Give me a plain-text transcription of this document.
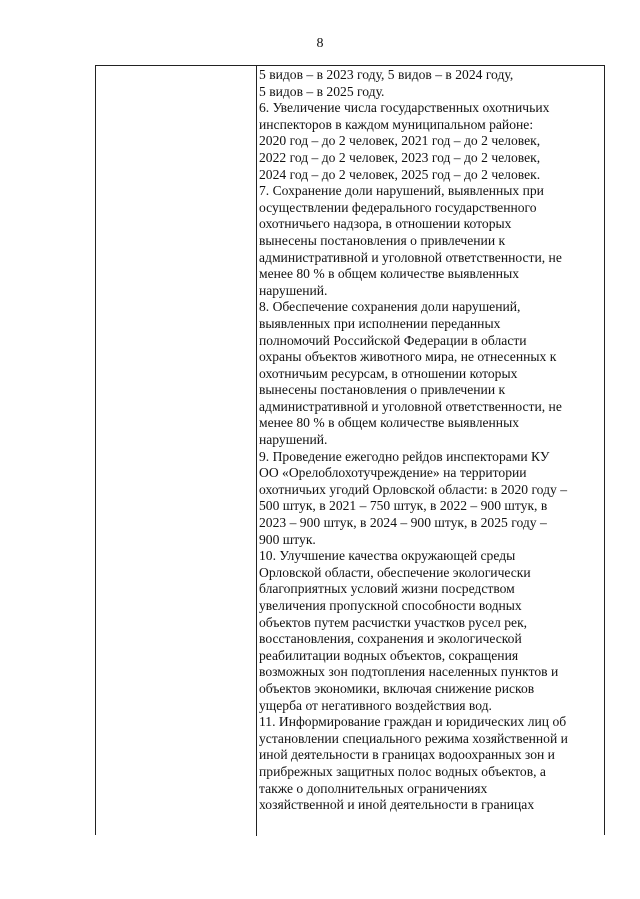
8
5 видов – в 2023 году, 5 видов – в 2024 году,
5 видов – в 2025 году.
6. Увеличение числа государственных охотничьих
инспекторов в каждом муниципальном районе:
2020 год – до 2 человек, 2021 год – до 2 человек,
2022 год – до 2 человек, 2023 год – до 2 человек,
2024 год – до 2 человек, 2025 год – до 2 человек.
7. Сохранение доли нарушений, выявленных при
осуществлении федерального государственного
охотничьего надзора, в отношении которых
вынесены постановления о привлечении к
административной и уголовной ответственности, не
менее 80 % в общем количестве выявленных
нарушений.
8. Обеспечение сохранения доли нарушений,
выявленных при исполнении переданных
полномочий Российской Федерации в области
охраны объектов животного мира, не отнесенных к
охотничьим ресурсам, в отношении которых
вынесены постановления о привлечении к
административной и уголовной ответственности, не
менее 80 % в общем количестве выявленных
нарушений.
9. Проведение ежегодно рейдов инспекторами КУ
ОО «Орелоблохотучреждение» на территории
охотничьих угодий Орловской области: в 2020 году –
500 штук, в 2021 – 750 штук, в 2022 – 900 штук, в
2023 – 900 штук, в 2024 – 900 штук, в 2025 году –
900 штук.
10. Улучшение качества окружающей среды
Орловской области, обеспечение экологически
благоприятных условий жизни посредством
увеличения пропускной способности водных
объектов путем расчистки участков русел рек,
восстановления, сохранения и экологической
реабилитации водных объектов, сокращения
возможных зон подтопления населенных пунктов и
объектов экономики, включая снижение рисков
ущерба от негативного воздействия вод.
11. Информирование граждан и юридических лиц об
установлении специального режима хозяйственной и
иной деятельности в границах водоохранных зон и
прибрежных защитных полос водных объектов, а
также о дополнительных ограничениях
хозяйственной и иной деятельности в границах
